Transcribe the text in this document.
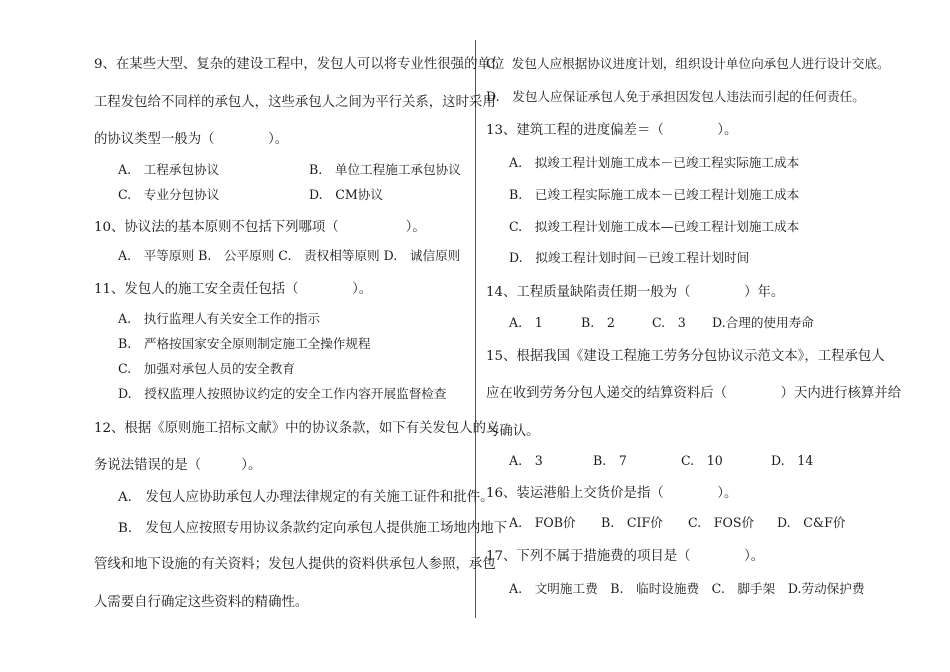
9、在某些大型、复杂的建设工程中，发包人可以将专业性很强的单位
工程发包给不同样的承包人，这些承包人之间为平行关系，这时采用
的协议类型一般为（　　　　）。
A.　工程承包协议	B.　单位工程施工承包协议
C.　专业分包协议	D.　CM协议
10、协议法的基本原则不包括下列哪项（　　　　　）。
A.　平等原则 B.　公平原则 C.　责权相等原则 D.　诚信原则
11、发包人的施工安全责任包括（　　　　）。
A.　执行监理人有关安全工作的指示
B.　严格按国家安全原则制定施工全操作规程
C.　加强对承包人员的安全教育
D.　授权监理人按照协议约定的安全工作内容开展监督检查
12、根据《原则施工招标文献》中的协议条款，如下有关发包人的义
务说法错误的是（　　　）。
A.　发包人应协助承包人办理法律规定的有关施工证件和批件。
B.　发包人应按照专用协议条款约定向承包人提供施工场地内地下
管线和地下设施的有关资料；发包人提供的资料供承包人参照，承包
人需要自行确定这些资料的精确性。
C.　发包人应根据协议进度计划，组织设计单位向承包人进行设计交底。
D.　发包人应保证承包人免于承担因发包人违法而引起的任何责任。
13、建筑工程的进度偏差＝（　　　　）。
A.　拟竣工程计划施工成本－已竣工程实际施工成本
B.　已竣工程实际施工成本－已竣工程计划施工成本
C.　拟竣工程计划施工成本—已竣工程计划施工成本
D.　拟竣工程计划时间－已竣工程计划时间
14、工程质量缺陷责任期一般为（　　　　）年。
A.　1	B.　2	C.　3 D.合理的使用寿命
15、根据我国《建设工程施工劳务分包协议示范文本》，工程承包人
应在收到劳务分包人递交的结算资料后（　　　　）天内进行核算并给
与确认。
A.　3	B.　7	C.　10	D.　14
16、装运港船上交货价是指（　　　　）。
A.　FOB价 B.　CIF价 C.　FOS价 D.　C&F价
17、下列不属于措施费的项目是（　　　　）。
A.　文明施工费　B.　临时设施费　C.　脚手架　D.劳动保护费
